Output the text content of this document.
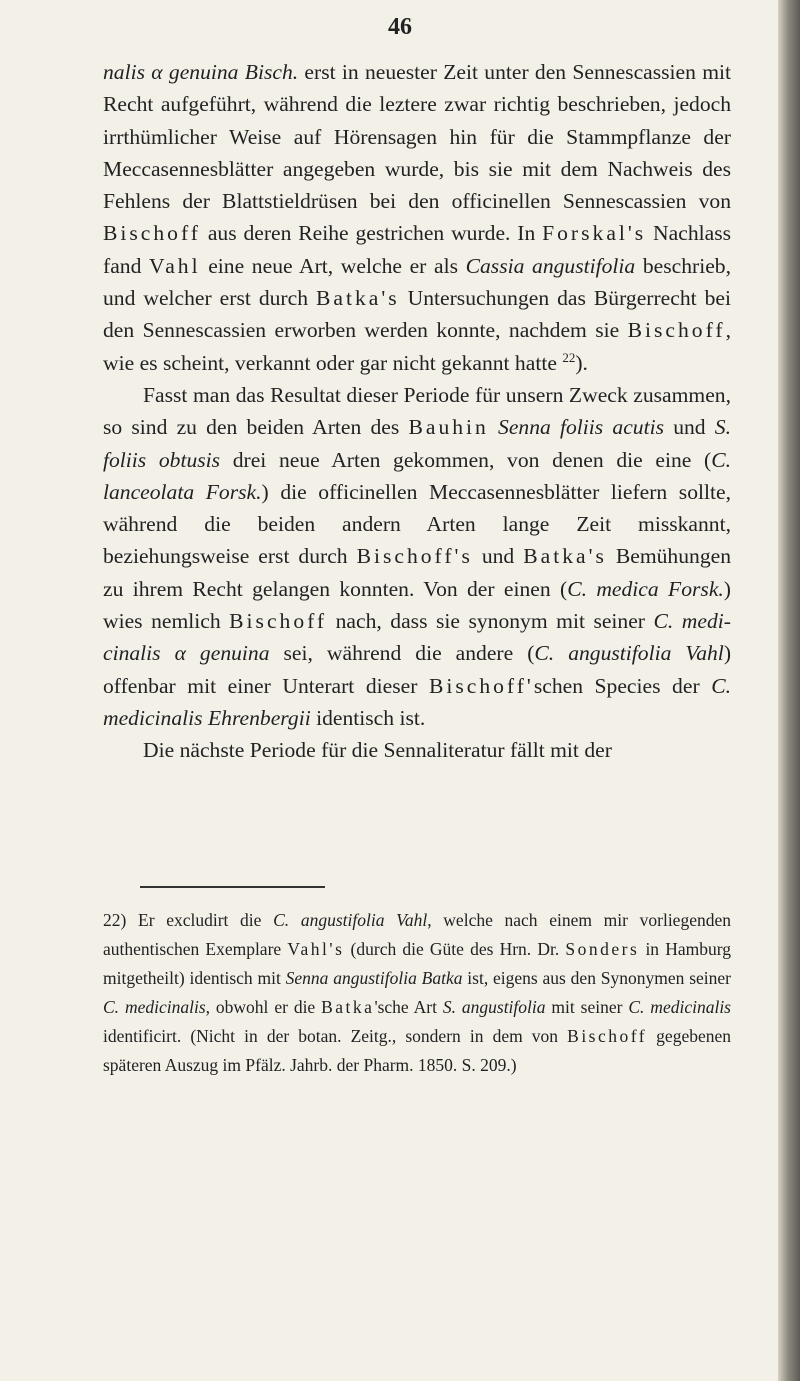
46

nalis α genuina Bisch. erst in neuester Zeit unter den Sennescassien mit Recht aufgeführt, während die leztere zwar richtig beschrieben, jedoch irrthümlicher Weise auf Hörensagen hin für die Stammpflanze der Meccasennesblätter angegeben wurde, bis sie mit dem Nachweis des Fehlens der Blattstieldrüsen bei den officinellen Sennescassien von Bischoff aus deren Reihe gestrichen wurde. In Forskal's Nachlass fand Vahl eine neue Art, welche er als Cassia angustifolia beschrieb, und welcher erst durch Batka's Untersuchungen das Bürgerrecht bei den Sennescassien erworben werden konnte, nachdem sie Bischoff, wie es scheint, verkannt oder gar nicht gekannt hatte $^{22}$).

Fasst man das Resultat dieser Periode für unsern Zweck zusammen, so sind zu den beiden Arten des Bauhin Senna foliis acutis und S. foliis obtusis drei neue Arten gekommen, von denen die eine (C. lanceolata Forsk.) die officinellen Meccasennesblätter liefern sollte, während die beiden andern Arten lange Zeit misskannt, beziehungsweise erst durch Bischoff's und Batka's Bemühungen zu ihrem Recht gelangen konnten. Von der einen (C. medica Forsk.) wies nemlich Bischoff nach, dass sie synonym mit seiner C. medicinalis α genuina sei, während die andere (C. angustifolia Vahl) offenbar mit einer Unterart dieser Bischoff'schen Species der C. medicinalis Ehrenbergii identisch ist.

Die nächste Periode für die Sennaliteratur fällt mit der

22) Er excludirt die C. angustifolia Vahl, welche nach einem mir vorliegenden authentischen Exemplare Vahl's (durch die Güte des Hrn. Dr. Sonders in Hamburg mitgetheilt) identisch mit Senna angustifolia Batka ist, eigens aus den Synonymen seiner C. medicinalis, obwohl er die Batka'sche Art S. angustifolia mit seiner C. medicinalis identificirt. (Nicht in der botan. Zeitg., sondern in dem von Bischoff gegebenen späteren Auszug im Pfälz. Jahrb. der Pharm. 1850. S. 209.)
